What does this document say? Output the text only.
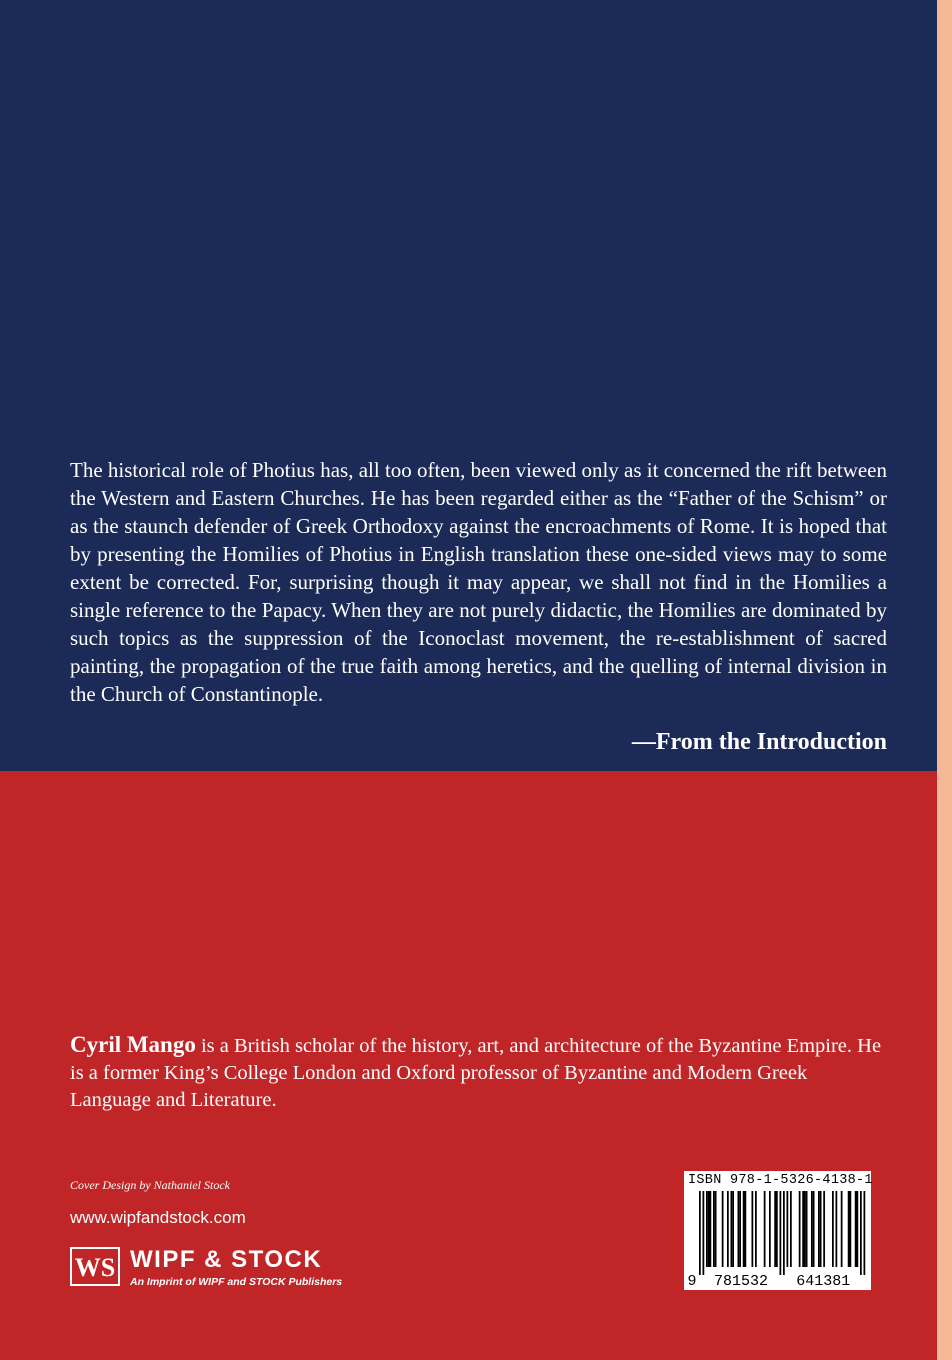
The historical role of Photius has, all too often, been viewed only as it concerned the rift between the Western and Eastern Churches. He has been regarded either as the “Father of the Schism” or as the staunch defender of Greek Orthodoxy against the encroachments of Rome. It is hoped that by presenting the Homilies of Photius in English translation these one-sided views may to some extent be corrected. For, surprising though it may appear, we shall not find in the Homilies a single reference to the Papacy. When they are not purely didactic, the Homilies are dominated by such topics as the suppression of the Iconoclast movement, the re-establishment of sacred painting, the propagation of the true faith among heretics, and the quelling of internal division in the Church of Constantinople.

—From the Introduction

Cyril Mango is a British scholar of the history, art, and architecture of the Byzantine Empire. He is a former King’s College London and Oxford professor of Byzantine and Modern Greek Language and Literature.

Cover Design by Nathaniel Stock
www.wipfandstock.com
WS WIPF & STOCK
An Imprint of WIPF and STOCK Publishers
ISBN 978-1-5326-4138-1
9 781532 641381
